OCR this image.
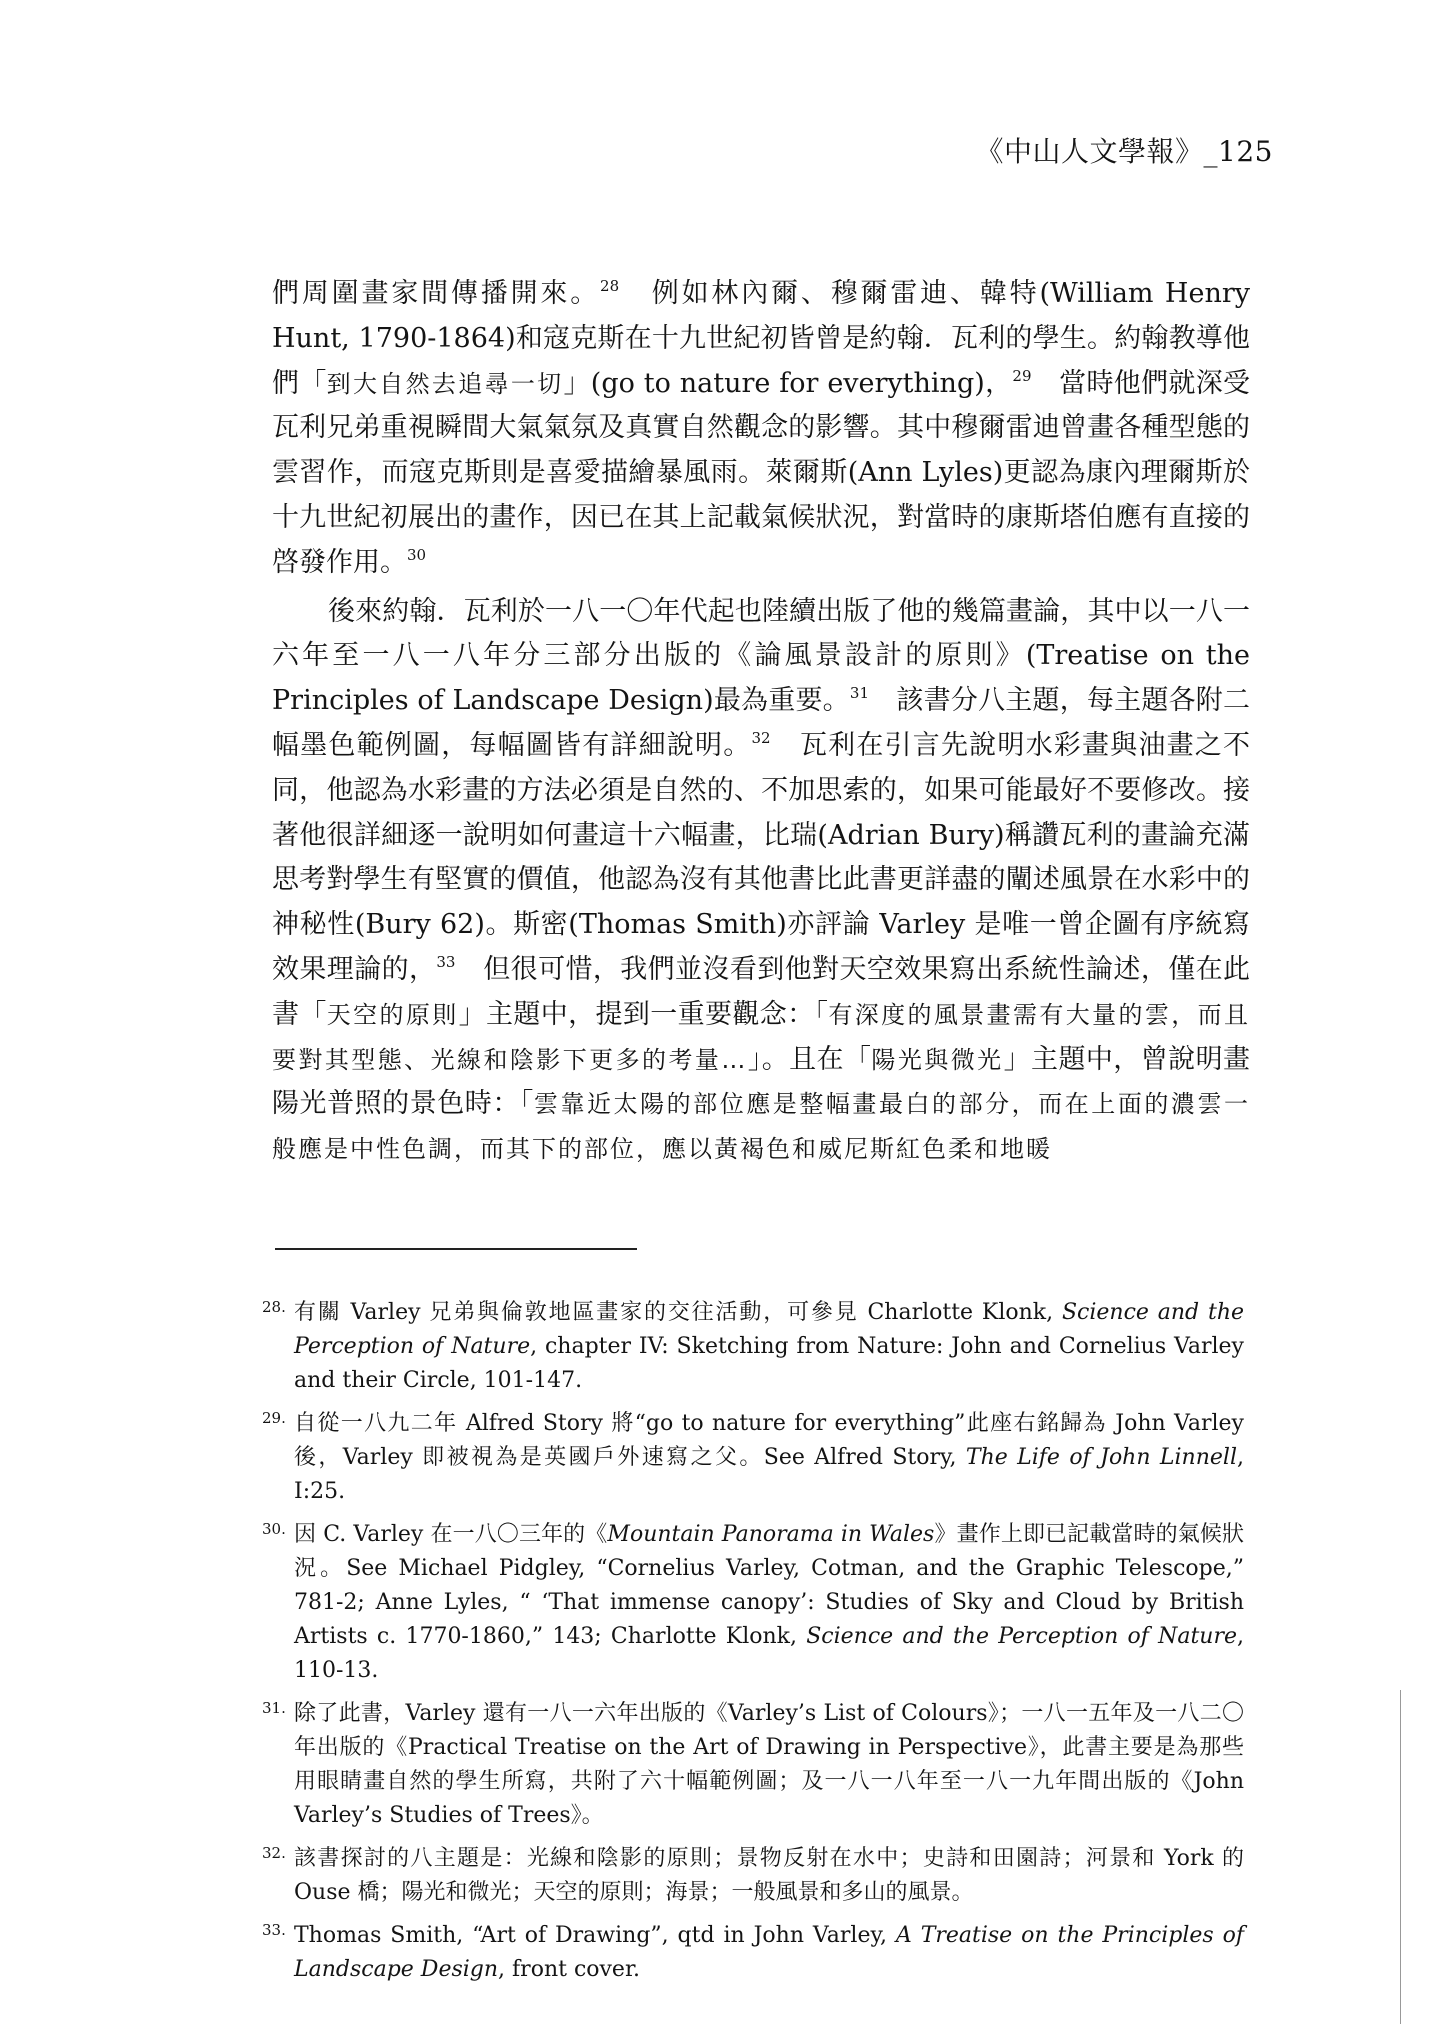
《中山人文學報》_125

們周圍畫家間傳播開來。$^{28}$　例如林內爾、穆爾雷迪、韓特(William Henry Hunt, 1790-1864)和寇克斯在十九世紀初皆曾是約翰．瓦利的學生。約翰教導他們「到大自然去追尋一切」(go to nature for everything)，$^{29}$　當時他們就深受瓦利兄弟重視瞬間大氣氣氛及真實自然觀念的影響。其中穆爾雷迪曾畫各種型態的雲習作，而寇克斯則是喜愛描繪暴風雨。萊爾斯(Ann Lyles)更認為康內理爾斯於十九世紀初展出的畫作，因已在其上記載氣候狀況，對當時的康斯塔伯應有直接的啓發作用。$^{30}$

後來約翰．瓦利於一八一〇年代起也陸續出版了他的幾篇畫論，其中以一八一六年至一八一八年分三部分出版的《論風景設計的原則》(Treatise on the Principles of Landscape Design)最為重要。$^{31}$　該書分八主題，每主題各附二幅墨色範例圖，每幅圖皆有詳細說明。$^{32}$　瓦利在引言先說明水彩畫與油畫之不同，他認為水彩畫的方法必須是自然的、不加思索的，如果可能最好不要修改。接著他很詳細逐一說明如何畫這十六幅畫，比瑞(Adrian Bury)稱讚瓦利的畫論充滿思考對學生有堅實的價值，他認為沒有其他書比此書更詳盡的闡述風景在水彩中的神秘性(Bury 62)。斯密(Thomas Smith)亦評論 Varley 是唯一曾企圖有序統寫效果理論的，$^{33}$　但很可惜，我們並沒看到他對天空效果寫出系統性論述，僅在此書「天空的原則」主題中，提到一重要觀念：「有深度的風景畫需有大量的雲，而且要對其型態、光線和陰影下更多的考量…」。且在「陽光與微光」主題中，曾說明畫陽光普照的景色時：「雲靠近太陽的部位應是整幅畫最白的部分，而在上面的濃雲一般應是中性色調，而其下的部位，應以黃褐色和威尼斯紅色柔和地暖

28. 有關 Varley 兄弟與倫敦地區畫家的交往活動，可參見 Charlotte Klonk, Science and the Perception of Nature, chapter IV: Sketching from Nature: John and Cornelius Varley and their Circle, 101-147.
29. 自從一八九二年 Alfred Story 將“go to nature for everything”此座右銘歸為 John Varley 後，Varley 即被視為是英國戶外速寫之父。See Alfred Story, The Life of John Linnell, I:25.
30. 因 C. Varley 在一八〇三年的《Mountain Panorama in Wales》畫作上即已記載當時的氣候狀況。See Michael Pidgley, “Cornelius Varley, Cotman, and the Graphic Telescope,” 781-2; Anne Lyles, “ ‘That immense canopy’: Studies of Sky and Cloud by British Artists c. 1770-1860,” 143; Charlotte Klonk, Science and the Perception of Nature, 110-13.
31. 除了此書，Varley 還有一八一六年出版的《Varley’s List of Colours》；一八一五年及一八二〇年出版的《Practical Treatise on the Art of Drawing in Perspective》，此書主要是為那些用眼睛畫自然的學生所寫，共附了六十幅範例圖；及一八一八年至一八一九年間出版的《John Varley’s Studies of Trees》。
32. 該書探討的八主題是：光線和陰影的原則；景物反射在水中；史詩和田園詩；河景和 York 的 Ouse 橋；陽光和微光；天空的原則；海景；一般風景和多山的風景。
33. Thomas Smith, “Art of Drawing”, qtd in John Varley, A Treatise on the Principles of Landscape Design, front cover.
